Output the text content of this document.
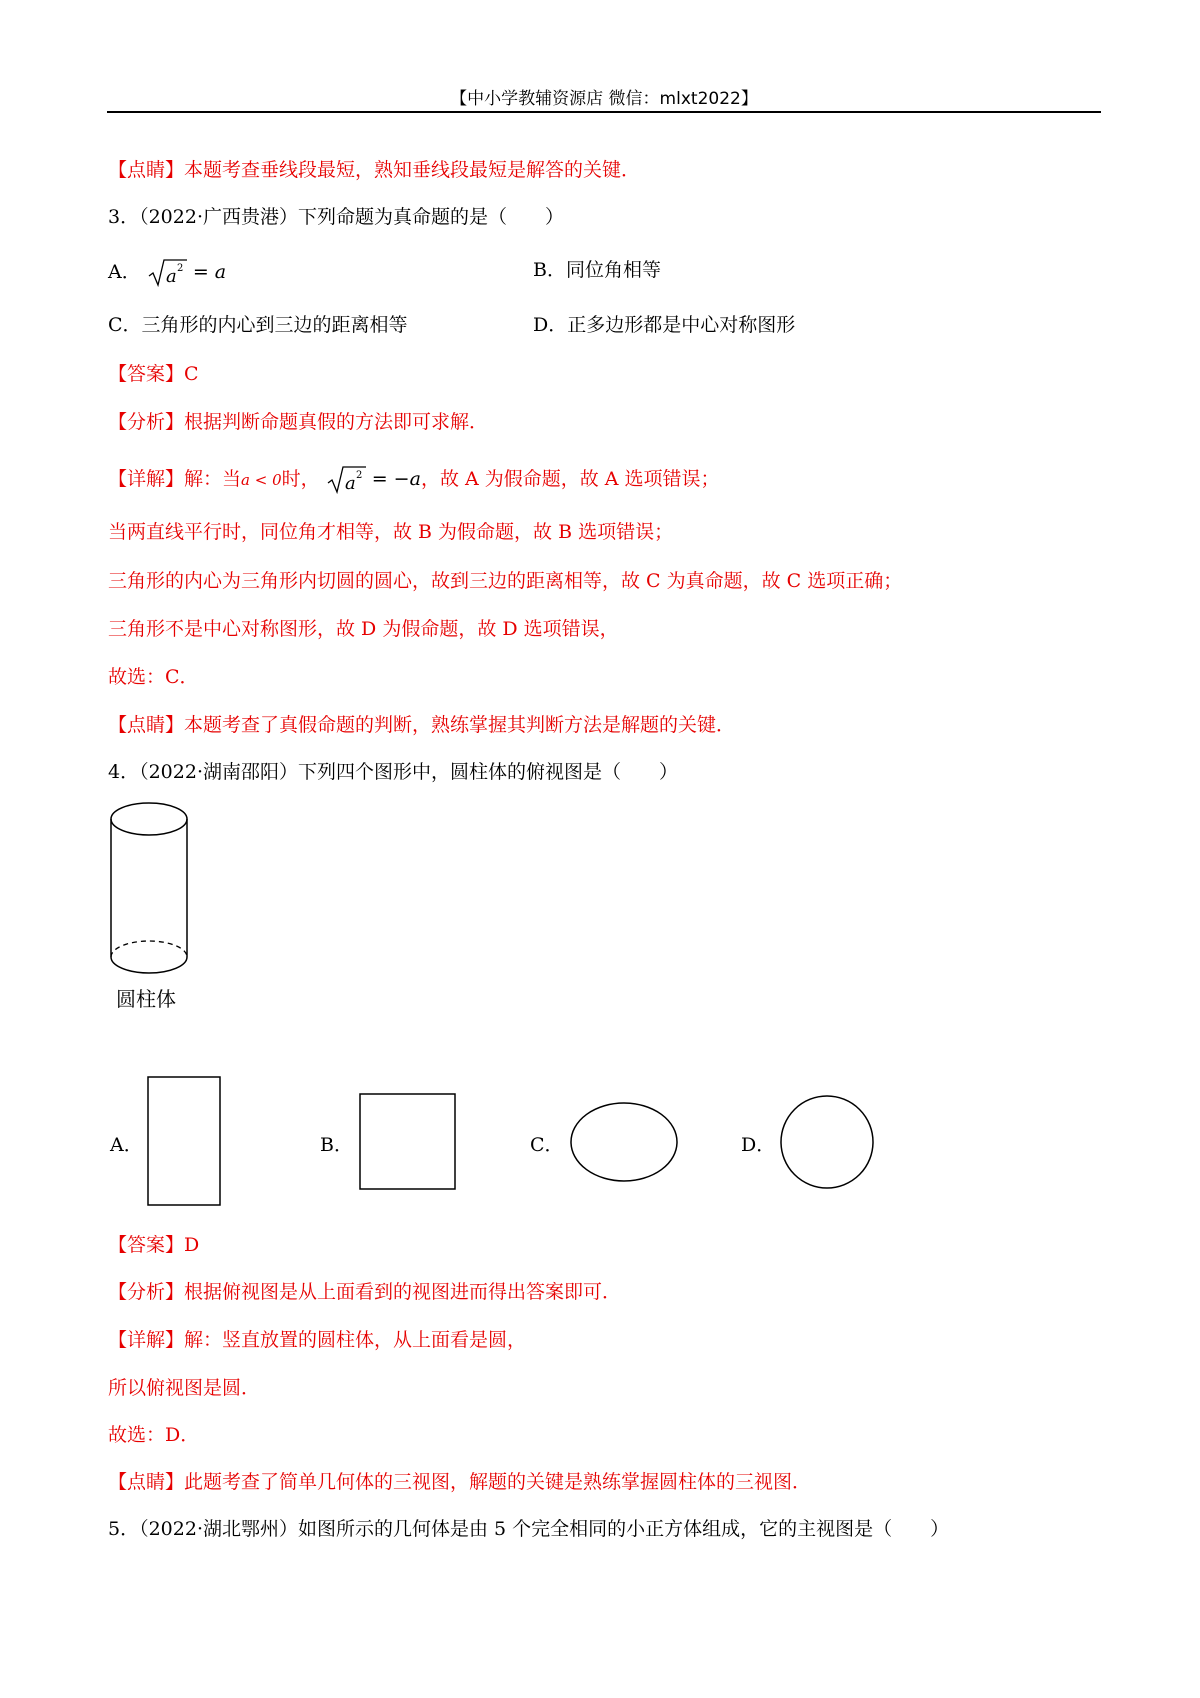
【中小学教辅资源店 微信：mlxt2022】
【点睛】本题考查垂线段最短，熟知垂线段最短是解答的关键．
3．（2022·广西贵港）下列命题为真命题的是（　　）
A． a 2 = a	B．同位角相等
C．三角形的内心到三边的距离相等	D．正多边形都是中心对称图形
【答案】C
【分析】根据判断命题真假的方法即可求解．
【详解】解：当a < 0时， a 2 = −a，故 A 为假命题，故 A 选项错误；
当两直线平行时，同位角才相等，故 B 为假命题，故 B 选项错误；
三角形的内心为三角形内切圆的圆心，故到三边的距离相等，故 C 为真命题，故 C 选项正确；
三角形不是中心对称图形，故 D 为假命题，故 D 选项错误，
故选：C．
【点睛】本题考查了真假命题的判断，熟练掌握其判断方法是解题的关键．
4．（2022·湖南邵阳）下列四个图形中，圆柱体的俯视图是（　　）
圆柱体
A．	B．	C．	D．
【答案】D
【分析】根据俯视图是从上面看到的视图进而得出答案即可．
【详解】解：竖直放置的圆柱体，从上面看是圆，
所以俯视图是圆．
故选：D．
【点睛】此题考查了简单几何体的三视图，解题的关键是熟练掌握圆柱体的三视图．
5．（2022·湖北鄂州）如图所示的几何体是由 5 个完全相同的小正方体组成，它的主视图是（　　）
